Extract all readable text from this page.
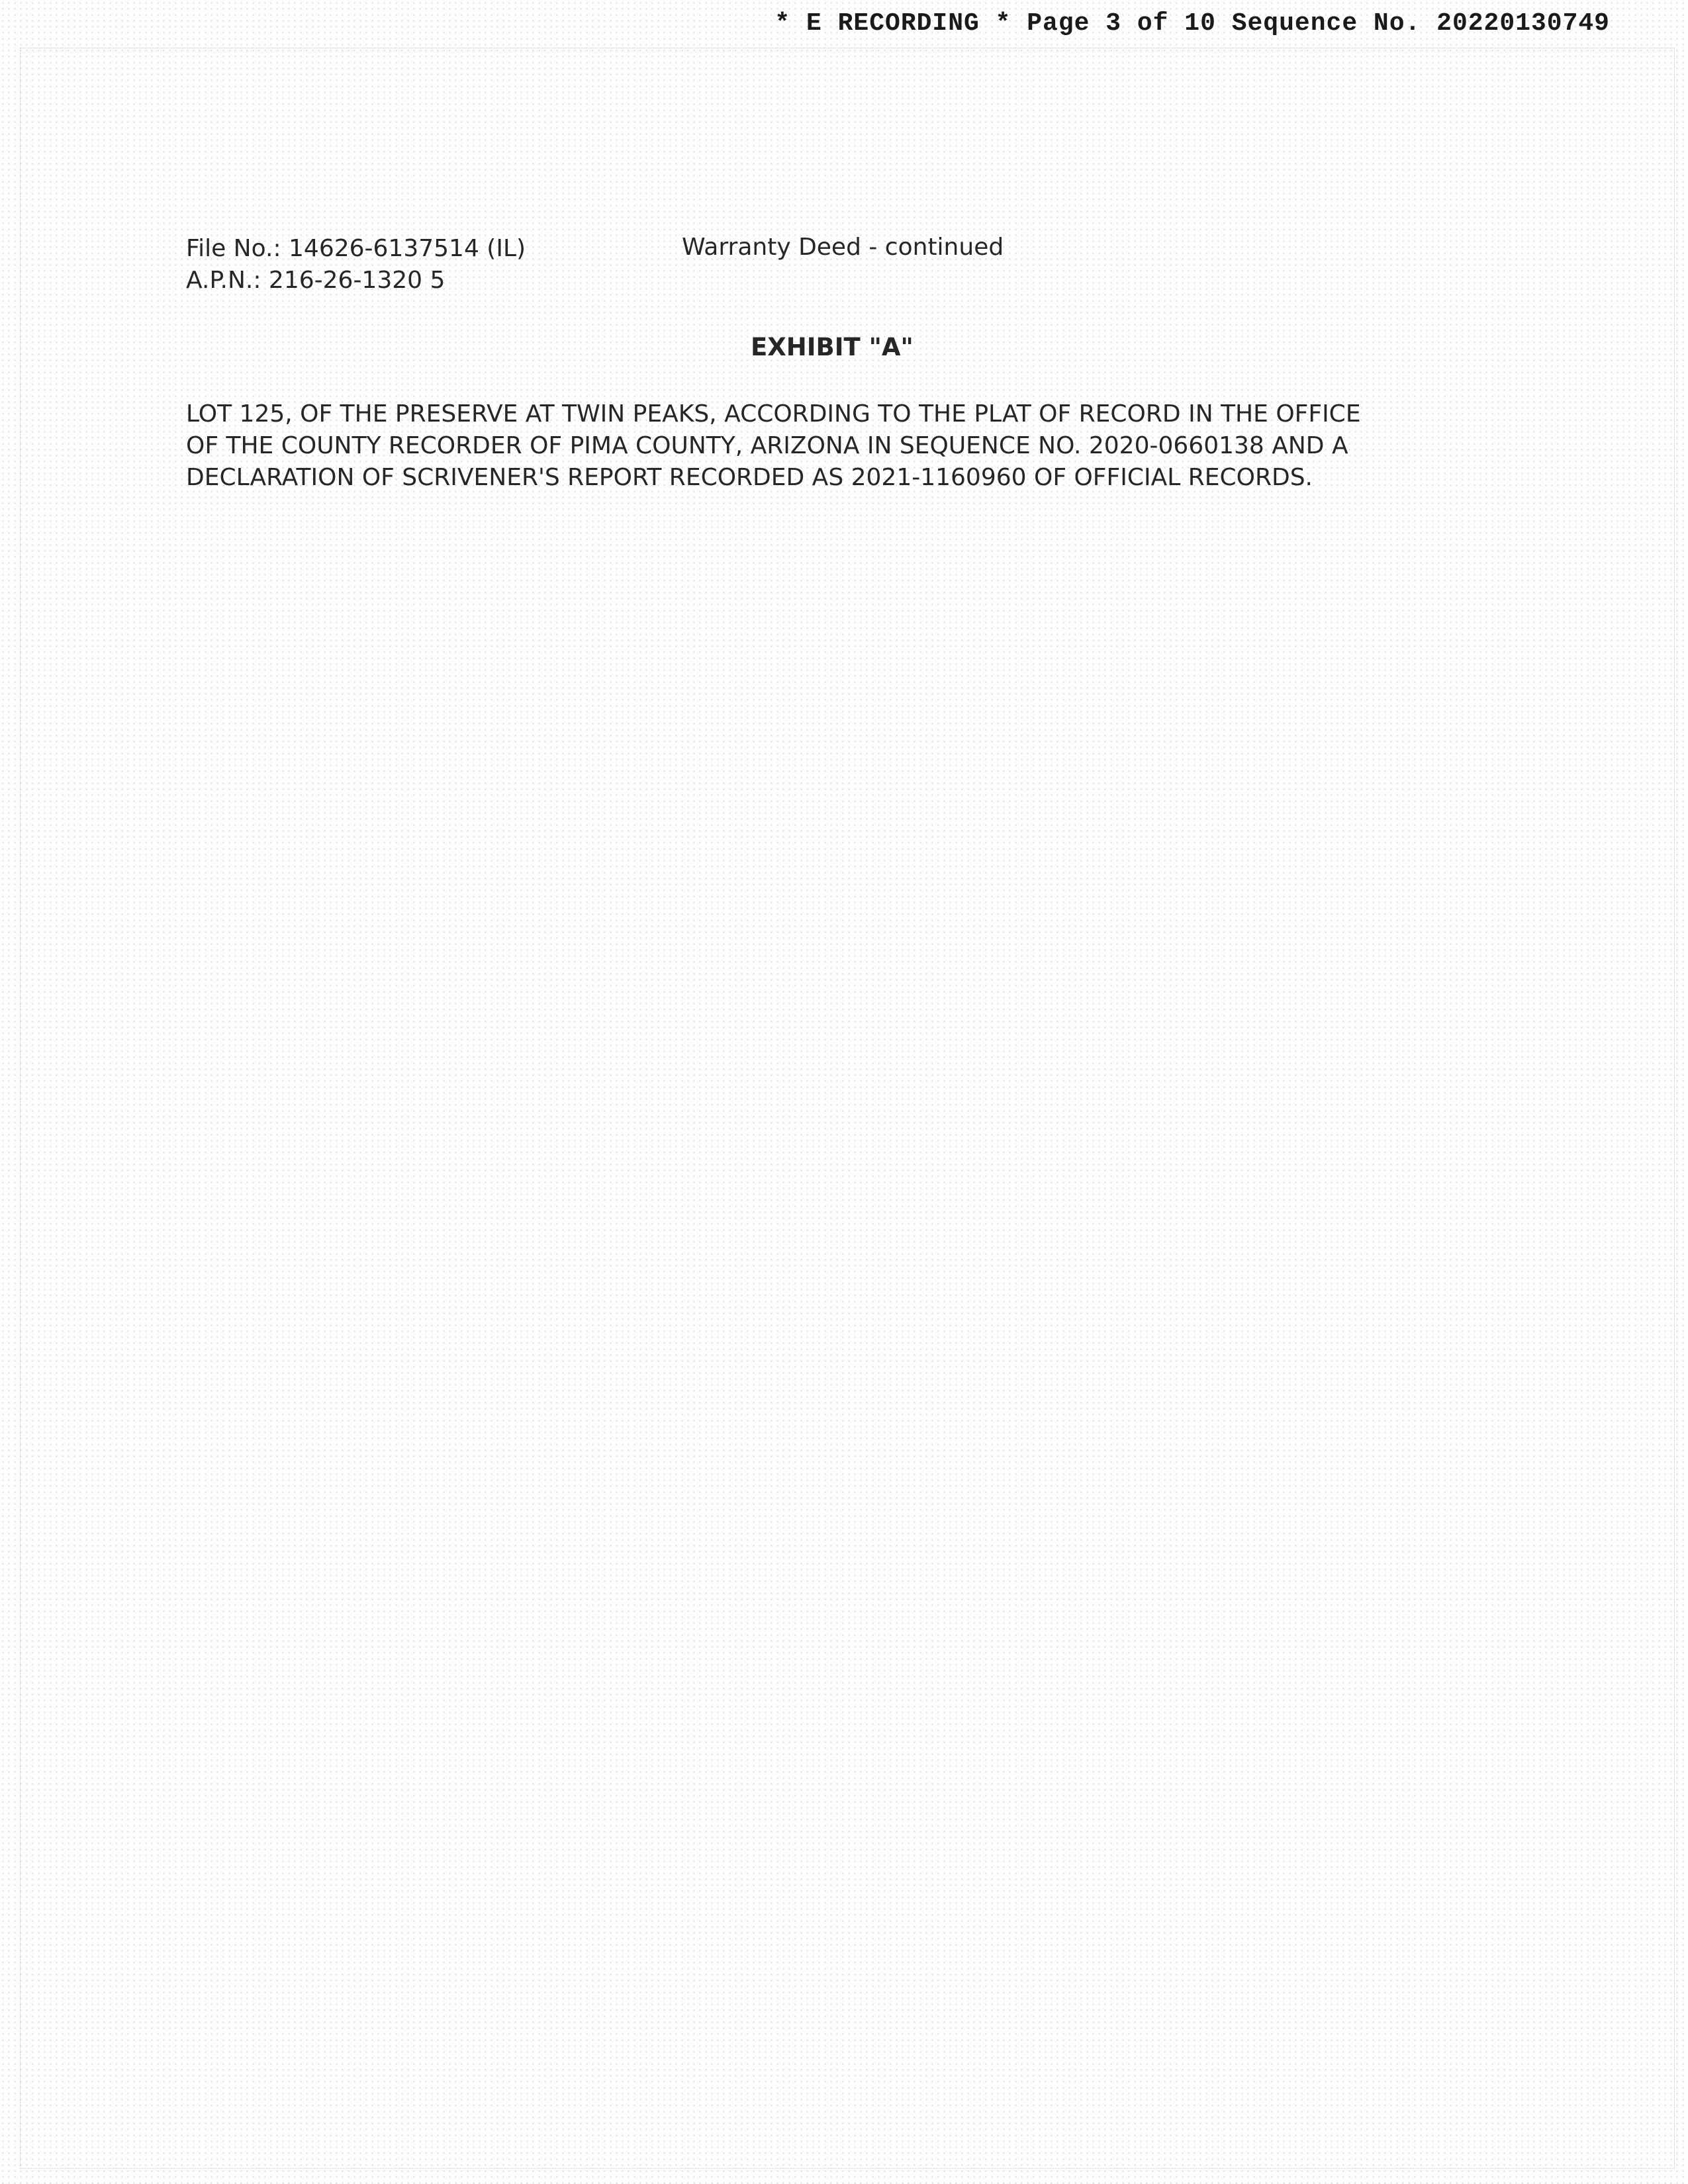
* E RECORDING * Page 3 of 10 Sequence No. 20220130749
File No.: 14626-6137514 (IL)
A.P.N.: 216-26-1320 5
Warranty Deed - continued
EXHIBIT "A"
LOT 125, OF THE PRESERVE AT TWIN PEAKS, ACCORDING TO THE PLAT OF RECORD IN THE OFFICE
OF THE COUNTY RECORDER OF PIMA COUNTY, ARIZONA IN SEQUENCE NO. 2020-0660138 AND A
DECLARATION OF SCRIVENER'S REPORT RECORDED AS 2021-1160960 OF OFFICIAL RECORDS.
